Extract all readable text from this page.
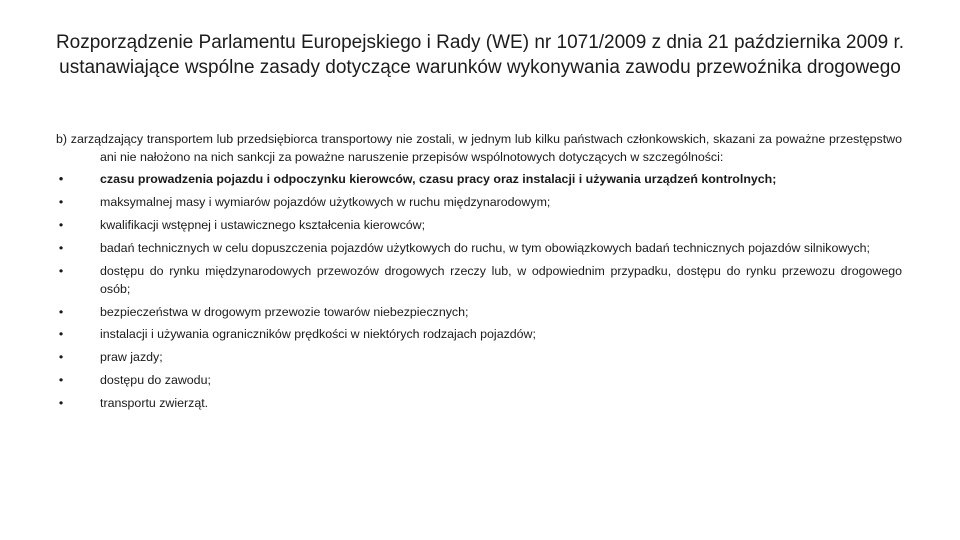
Rozporządzenie Parlamentu Europejskiego i Rady (WE) nr 1071/2009 z dnia 21 października 2009 r. ustanawiające wspólne zasady dotyczące warunków wykonywania zawodu przewoźnika drogowego
b) zarządzający transportem lub przedsiębiorca transportowy nie zostali, w jednym lub kilku państwach członkowskich, skazani za poważne przestępstwo ani nie nałożono na nich sankcji za poważne naruszenie przepisów wspólnotowych dotyczących w szczególności:
•	czasu prowadzenia pojazdu i odpoczynku kierowców, czasu pracy oraz instalacji i używania urządzeń kontrolnych;
•	maksymalnej masy i wymiarów pojazdów użytkowych w ruchu międzynarodowym;
•	kwalifikacji wstępnej i ustawicznego kształcenia kierowców;
•	badań technicznych w celu dopuszczenia pojazdów użytkowych do ruchu, w tym obowiązkowych badań technicznych pojazdów silnikowych;
•	dostępu do rynku międzynarodowych przewozów drogowych rzeczy lub, w odpowiednim przypadku, dostępu do rynku przewozu drogowego osób;
•	bezpieczeństwa w drogowym przewozie towarów niebezpiecznych;
•	instalacji i używania ograniczników prędkości w niektórych rodzajach pojazdów;
•	praw jazdy;
•	dostępu do zawodu;
•	transportu zwierząt.
